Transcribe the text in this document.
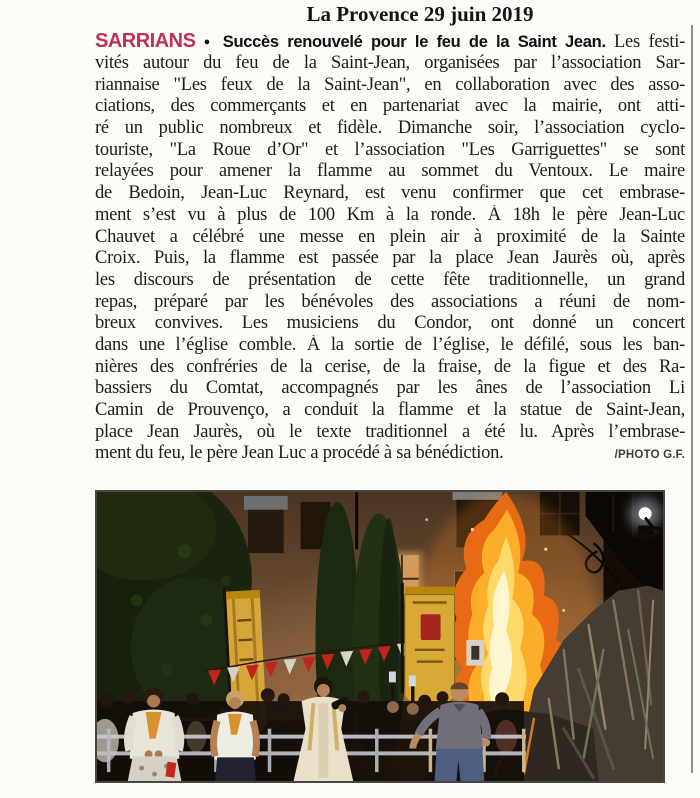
La Provence 29 juin 2019
SARRIANS ● Succès renouvelé pour le feu de la Saint Jean. Les festi-
vités autour du feu de la Saint-Jean, organisées par l’association Sar-
riannaise "Les feux de la Saint-Jean", en collaboration avec des asso-
ciations, des commerçants et en partenariat avec la mairie, ont atti-
ré un public nombreux et fidèle. Dimanche soir, l’association cyclo-
touriste, "La Roue d’Or" et l’association "Les Garriguettes" se sont
relayées pour amener la flamme au sommet du Ventoux. Le maire
de Bedoin, Jean-Luc Reynard, est venu confirmer que cet embrase-
ment s’est vu à plus de 100 Km à la ronde. À 18h le père Jean-Luc
Chauvet a célébré une messe en plein air à proximité de la Sainte
Croix. Puis, la flamme est passée par la place Jean Jaurès où, après
les discours de présentation de cette fête traditionnelle, un grand
repas, préparé par les bénévoles des associations a réuni de nom-
breux convives. Les musiciens du Condor, ont donné un concert
dans une l’église comble. À la sortie de l’église, le défilé, sous les ban-
nières des confréries de la cerise, de la fraise, de la figue et des Ra-
bassiers du Comtat, accompagnés par les ânes de l’association Li
Camin de Prouvenço, a conduit la flamme et la statue de Saint-Jean,
place Jean Jaurès, où le texte traditionnel a été lu. Après l’embrase-
ment du feu, le père Jean Luc a procédé à sa bénédiction.	/PHOTO G.F.
